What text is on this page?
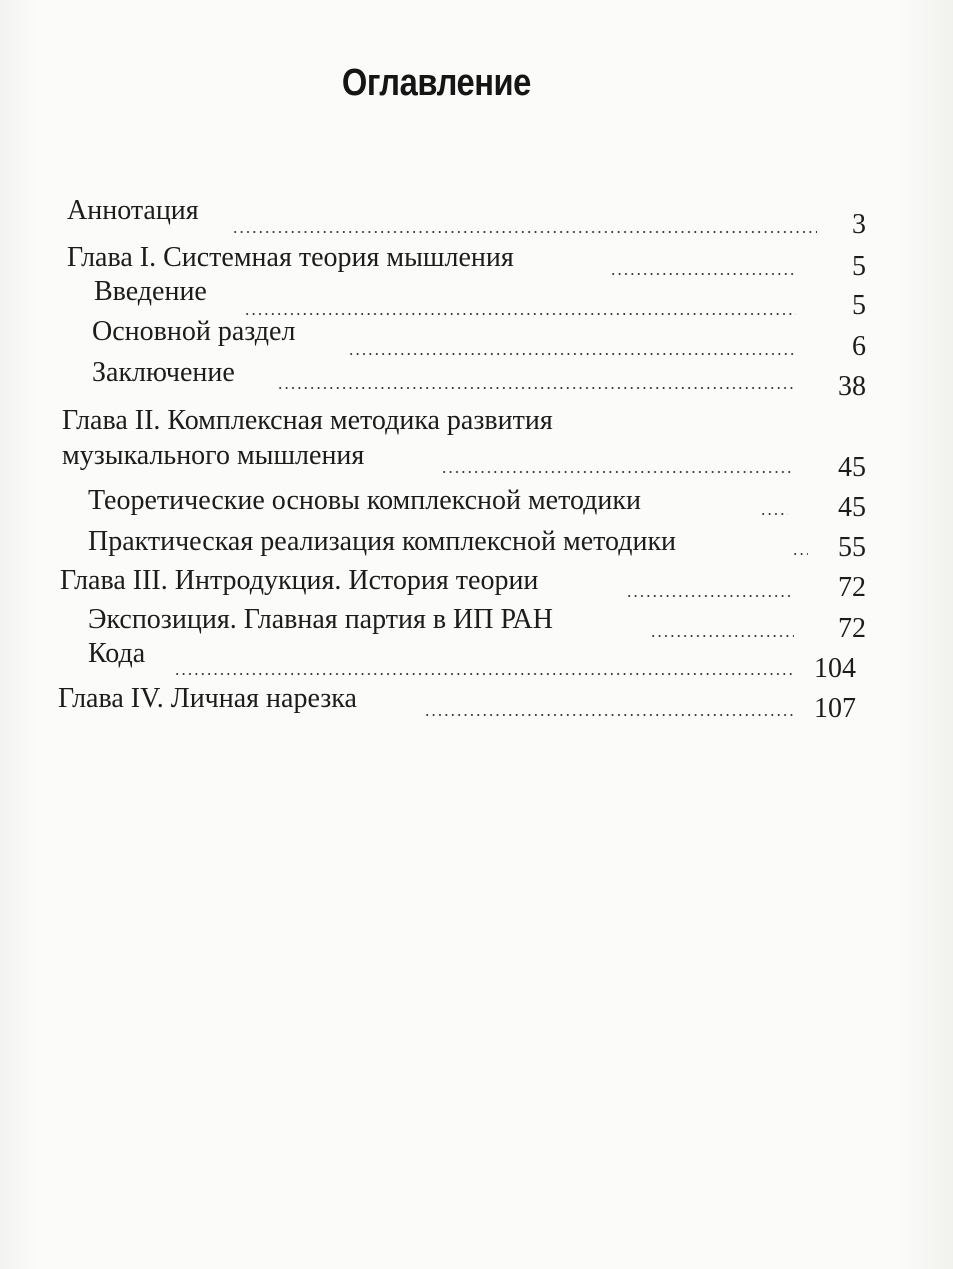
Оглавление
Аннотация	3
Глава I. Системная теория мышления	5
Введение	5
Основной раздел	6
Заключение	38
Глава II. Комплексная методика развития
музыкального мышления	45
Теоретические основы комплексной методики	45
Практическая реализация комплексной методики	55
Глава III. Интродукция. История теории	72
Экспозиция. Главная партия в ИП РАН	72
Кода	104
Глава IV. Личная нарезка	107
